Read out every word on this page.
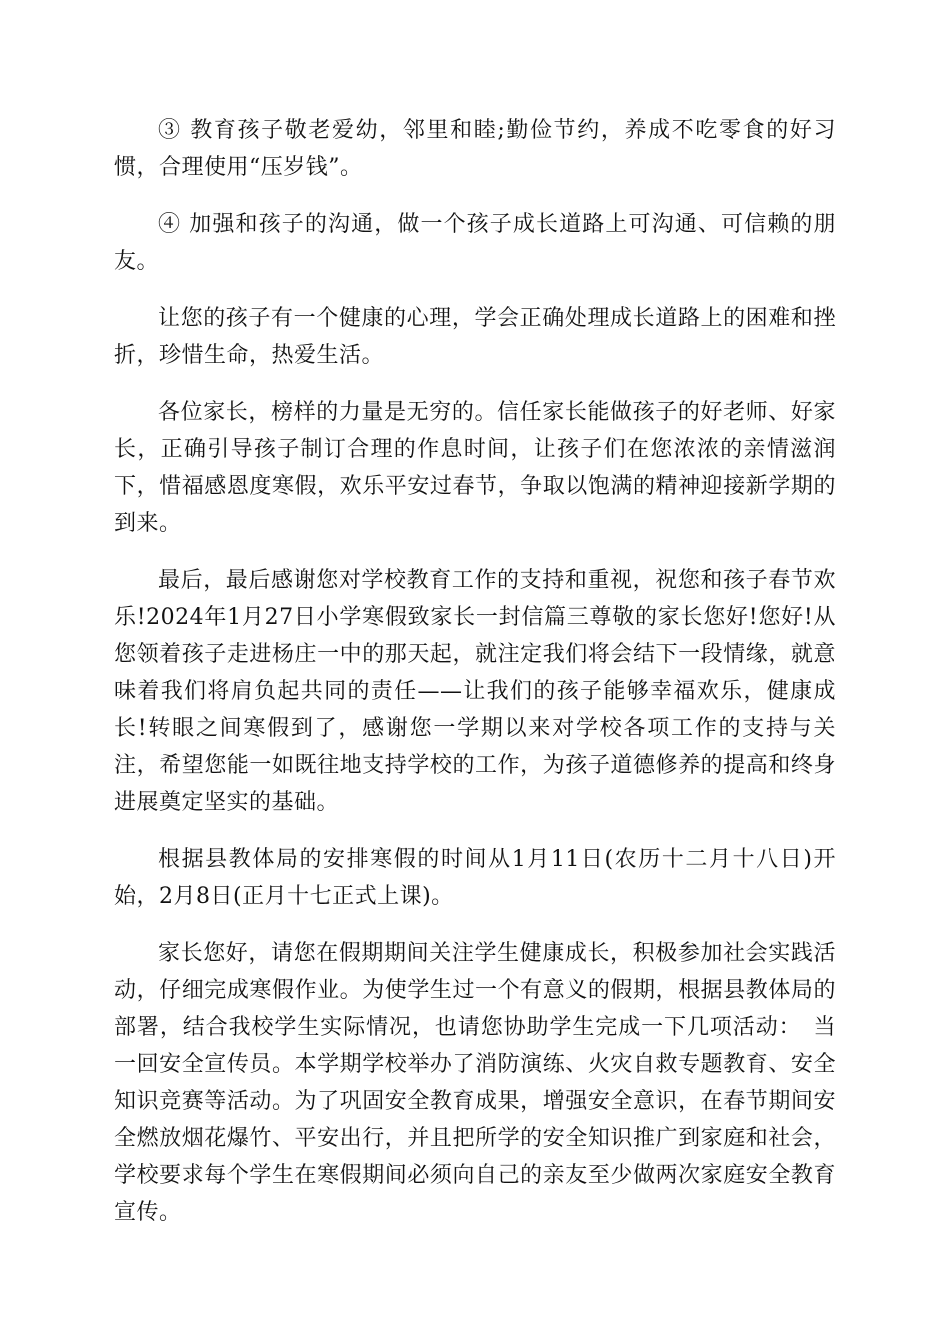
③ 教育孩子敬老爱幼，邻里和睦;勤俭节约，养成不吃零食的好习惯，合理使用“压岁钱”。

④ 加强和孩子的沟通，做一个孩子成长道路上可沟通、可信赖的朋友。

让您的孩子有一个健康的心理，学会正确处理成长道路上的困难和挫折，珍惜生命，热爱生活。

各位家长，榜样的力量是无穷的。信任家长能做孩子的好老师、好家长，正确引导孩子制订合理的作息时间，让孩子们在您浓浓的亲情滋润下，惜福感恩度寒假，欢乐平安过春节，争取以饱满的精神迎接新学期的到来。

最后，最后感谢您对学校教育工作的支持和重视，祝您和孩子春节欢乐!2024年1月27日小学寒假致家长一封信篇三尊敬的家长您好!您好!从您领着孩子走进杨庄一中的那天起，就注定我们将会结下一段情缘，就意味着我们将肩负起共同的责任——让我们的孩子能够幸福欢乐，健康成长!转眼之间寒假到了，感谢您一学期以来对学校各项工作的支持与关注，希望您能一如既往地支持学校的工作，为孩子道德修养的提高和终身进展奠定坚实的基础。

根据县教体局的安排寒假的时间从1月11日(农历十二月十八日)开始，2月8日(正月十七正式上课)。

家长您好，请您在假期期间关注学生健康成长，积极参加社会实践活动，仔细完成寒假作业。为使学生过一个有意义的假期，根据县教体局的部署，结合我校学生实际情况，也请您协助学生完成一下几项活动：　当一回安全宣传员。本学期学校举办了消防演练、火灾自救专题教育、安全知识竞赛等活动。为了巩固安全教育成果，增强安全意识，在春节期间安全燃放烟花爆竹、平安出行，并且把所学的安全知识推广到家庭和社会，学校要求每个学生在寒假期间必须向自己的亲友至少做两次家庭安全教育宣传。
